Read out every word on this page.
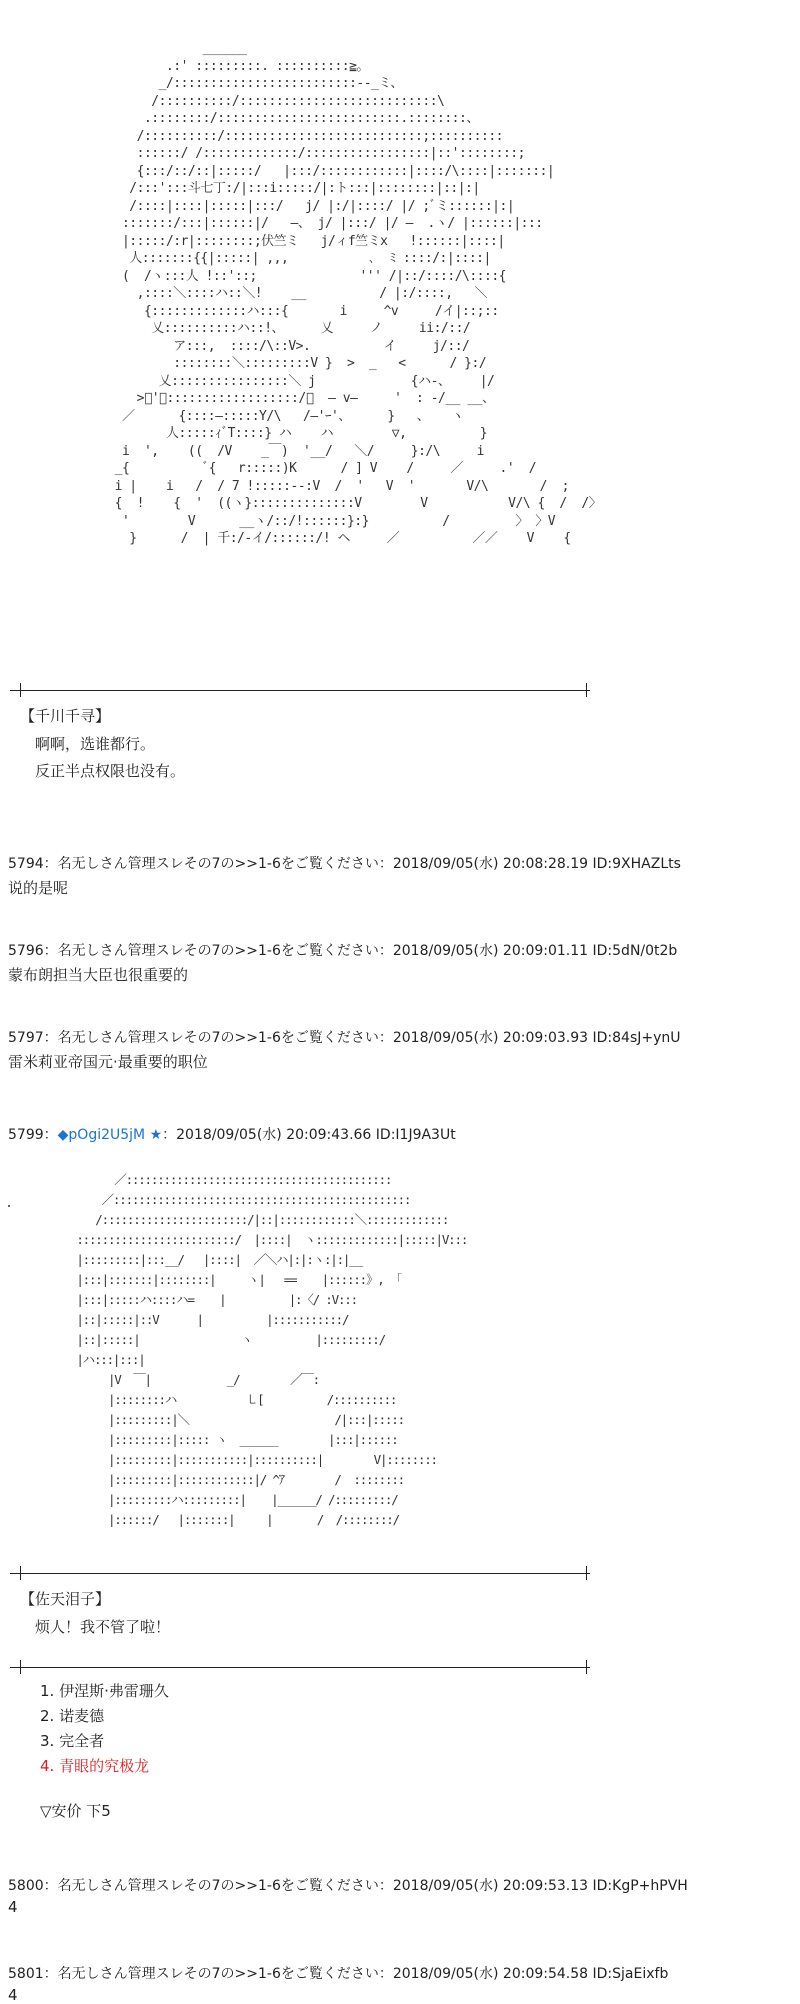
______
.:' :::::::::. ::::::::::≧。
_/:::::::::::::::::::::::::--_ミ、
/::::::::::/:::::::::::::::::::::::::::\
.::::::::/:::::::::::::::::::::::::.::::::::、
/::::::::::/:::::::::::::::::::::::::::;::::::::::
::::::/ /:::::::::::::/:::::::::::::::::|::'::::::::;
{:::/::/::|:::::/   |:::/::::::::::::|::::/\::::|:::::::|
/:::':::斗七丁:/|:::i:::::/|:ト:::|::::::::|::|:|
/::::|::::|:::::|:::/   j/ |:/|::::/ |/ ;ﾞミ::::::|:|
:::::::/:::|::::::|/   ―、 j/ |:::/ |/ ―  .ヽ/ |::::::|:::
|:::::/:r|::::::::;伏竺ミ   j/ィf竺ミx   !::::::|::::|
人:::::::{{|:::::| ,,,           ､  ﾐ ::::/:|::::|
(  /ヽ:::人 !::'::;              ''' /|::/::::/\::::{
,::::＼::::ハ::＼!    __          / |:/::::,   ＼
{:::::::::::::ハ:::{       i     ^v     /イ|::;::
乂::::::::::ハ::!、     乂     ノ     ii:/::/
ア:::,  ::::/\::V>.          イ     j/::/
::::::::＼:::::::::V }  >  _   <      / }:/
乂::::::::::::::::＼ j             {ハ-、    |/
>ﾟ'＼::::::::::::::::::/ﾞ  ― v―     '  : -/__ __、
／      {::::―:::::Y/\   /―'ｰ'、     }   、   ヽ
人:::::ｨﾞT::::} ハ    ハ        ▽,          }
i  ',    ((  /V    _￣)  '__/   ＼/     }:/\     i
_{          ﾞ{   r:::::)K      / ] V    /     ／     .'  /
i |    i   /  / 7 !:::::--:V  /  '   V  '       V/\       /  ;
{  !    {  '  ((ヽ}::::::::::::::V        V           V/\ {  /  /〉
'        V      __ヽ/::/!::::::}:}          /         〉 〉V
}      /  | 千:/-イ/::::::/! ヘ     ／          ／／    V    {
【千川千寻】
啊啊，选谁都行。
反正半点权限也没有。
5794：名无しさん管理スレその7の>>1-6をご覧ください：2018/09/05(水) 20:08:28.19 ID:9XHAZLts
说的是呢
5796：名无しさん管理スレその7の>>1-6をご覧ください：2018/09/05(水) 20:09:01.11 ID:5dN/0t2b
蒙布朗担当大臣也很重要的
5797：名无しさん管理スレその7の>>1-6をご覧ください：2018/09/05(水) 20:09:03.93 ID:84sJ+ynU
雷米莉亚帝国元·最重要的职位
5799：◆pOgi2U5jM ★：2018/09/05(水) 20:09:43.66 ID:I1J9A3Ut
／::::::::::::::::::::::::::::::::::::::::::
／:::::::::::::::::::::::::::::::::::::::::::::::
/:::::::::::::::::::::::/|::|::::::::::::＼:::::::::::::
:::::::::::::::::::::::::/  |::::|  ヽ:::::::::::::|:::::|V:::
|:::::::::|:::__/   |::::|  ／＼ハ|:|:ヽ:|:|__
|:::|:::::::|::::::::|     ヽ|   ==    |::::::》, 「
|:::|:::::ハ::::ハ=    |          |:〈/ :V:::
|::|:::::|::V      |          |:::::::::::/
|::|:::::|                ヽ          |:::::::::/
|ハ:::|:::|
|V  ￣|            _/        ／￣:
|::::::::ハ           ㇄[          /::::::::::
|:::::::::|＼                       /|:::|:::::
|:::::::::|::::: ヽ  ______        |:::|::::::
|:::::::::|:::::::::::|::::::::::|        V|::::::::
|:::::::::|::::::::::::|/ ^ｱ        /  ::::::::
|:::::::::ハ:::::::::|    |______/ /:::::::::/
|::::::/   |:::::::|     |       /  /::::::::/
【佐天泪子】
烦人！我不管了啦！
1. 伊涅斯·弗雷珊久
2. 诺麦德
3. 完全者
4. 青眼的究极龙
▽安价 下5
5800：名无しさん管理スレその7の>>1-6をご覧ください：2018/09/05(水) 20:09:53.13 ID:KgP+hPVH
4
5801：名无しさん管理スレその7の>>1-6をご覧ください：2018/09/05(水) 20:09:54.58 ID:SjaEixfb
4
